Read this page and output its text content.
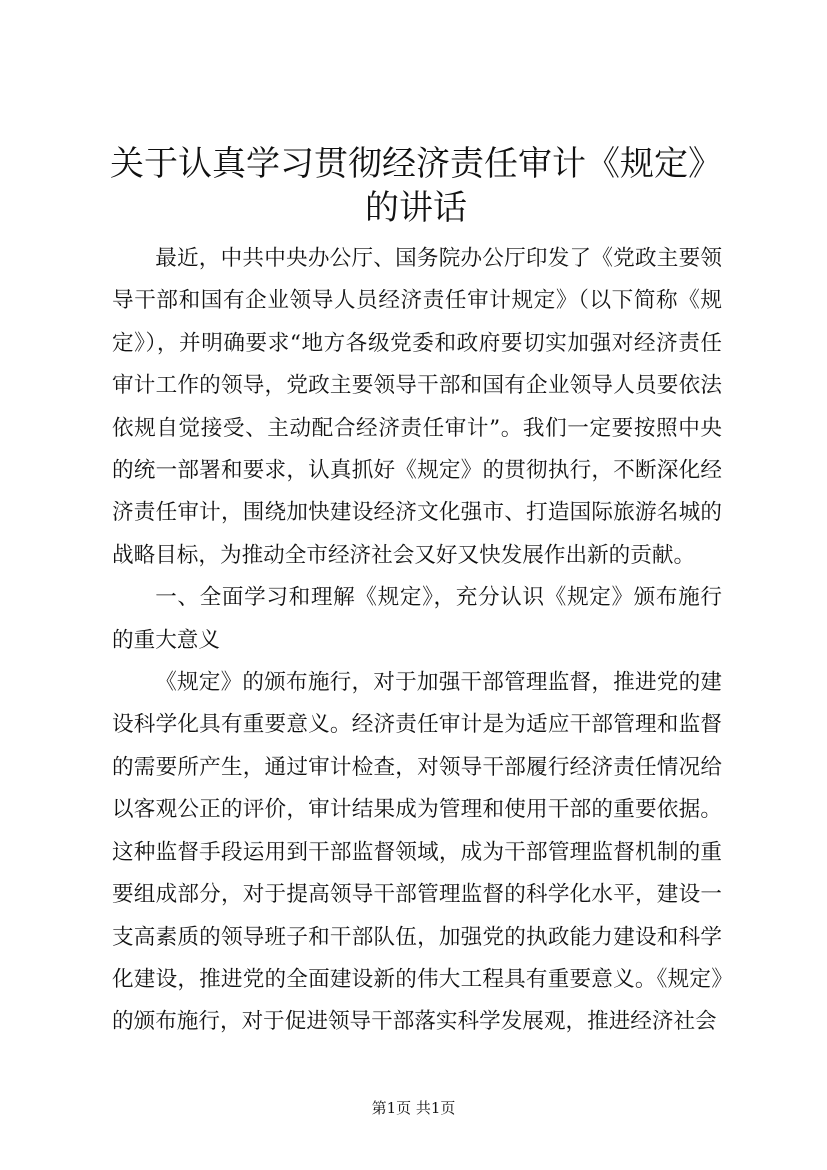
关于认真学习贯彻经济责任审计《规定》的讲话

最近，中共中央办公厅、国务院办公厅印发了《党政主要领导干部和国有企业领导人员经济责任审计规定》（以下简称《规定》），并明确要求“地方各级党委和政府要切实加强对经济责任审计工作的领导，党政主要领导干部和国有企业领导人员要依法依规自觉接受、主动配合经济责任审计”。我们一定要按照中央的统一部署和要求，认真抓好《规定》的贯彻执行，不断深化经济责任审计，围绕加快建设经济文化强市、打造国际旅游名城的战略目标，为推动全市经济社会又好又快发展作出新的贡献。

一、全面学习和理解《规定》，充分认识《规定》颁布施行的重大意义

《规定》的颁布施行，对于加强干部管理监督，推进党的建设科学化具有重要意义。经济责任审计是为适应干部管理和监督的需要所产生，通过审计检查，对领导干部履行经济责任情况给以客观公正的评价，审计结果成为管理和使用干部的重要依据。这种监督手段运用到干部监督领域，成为干部管理监督机制的重要组成部分，对于提高领导干部管理监督的科学化水平，建设一支高素质的领导班子和干部队伍，加强党的执政能力建设和科学化建设，推进党的全面建设新的伟大工程具有重要意义。《规定》的颁布施行，对于促进领导干部落实科学发展观，推进经济社会

第1页 共1页
